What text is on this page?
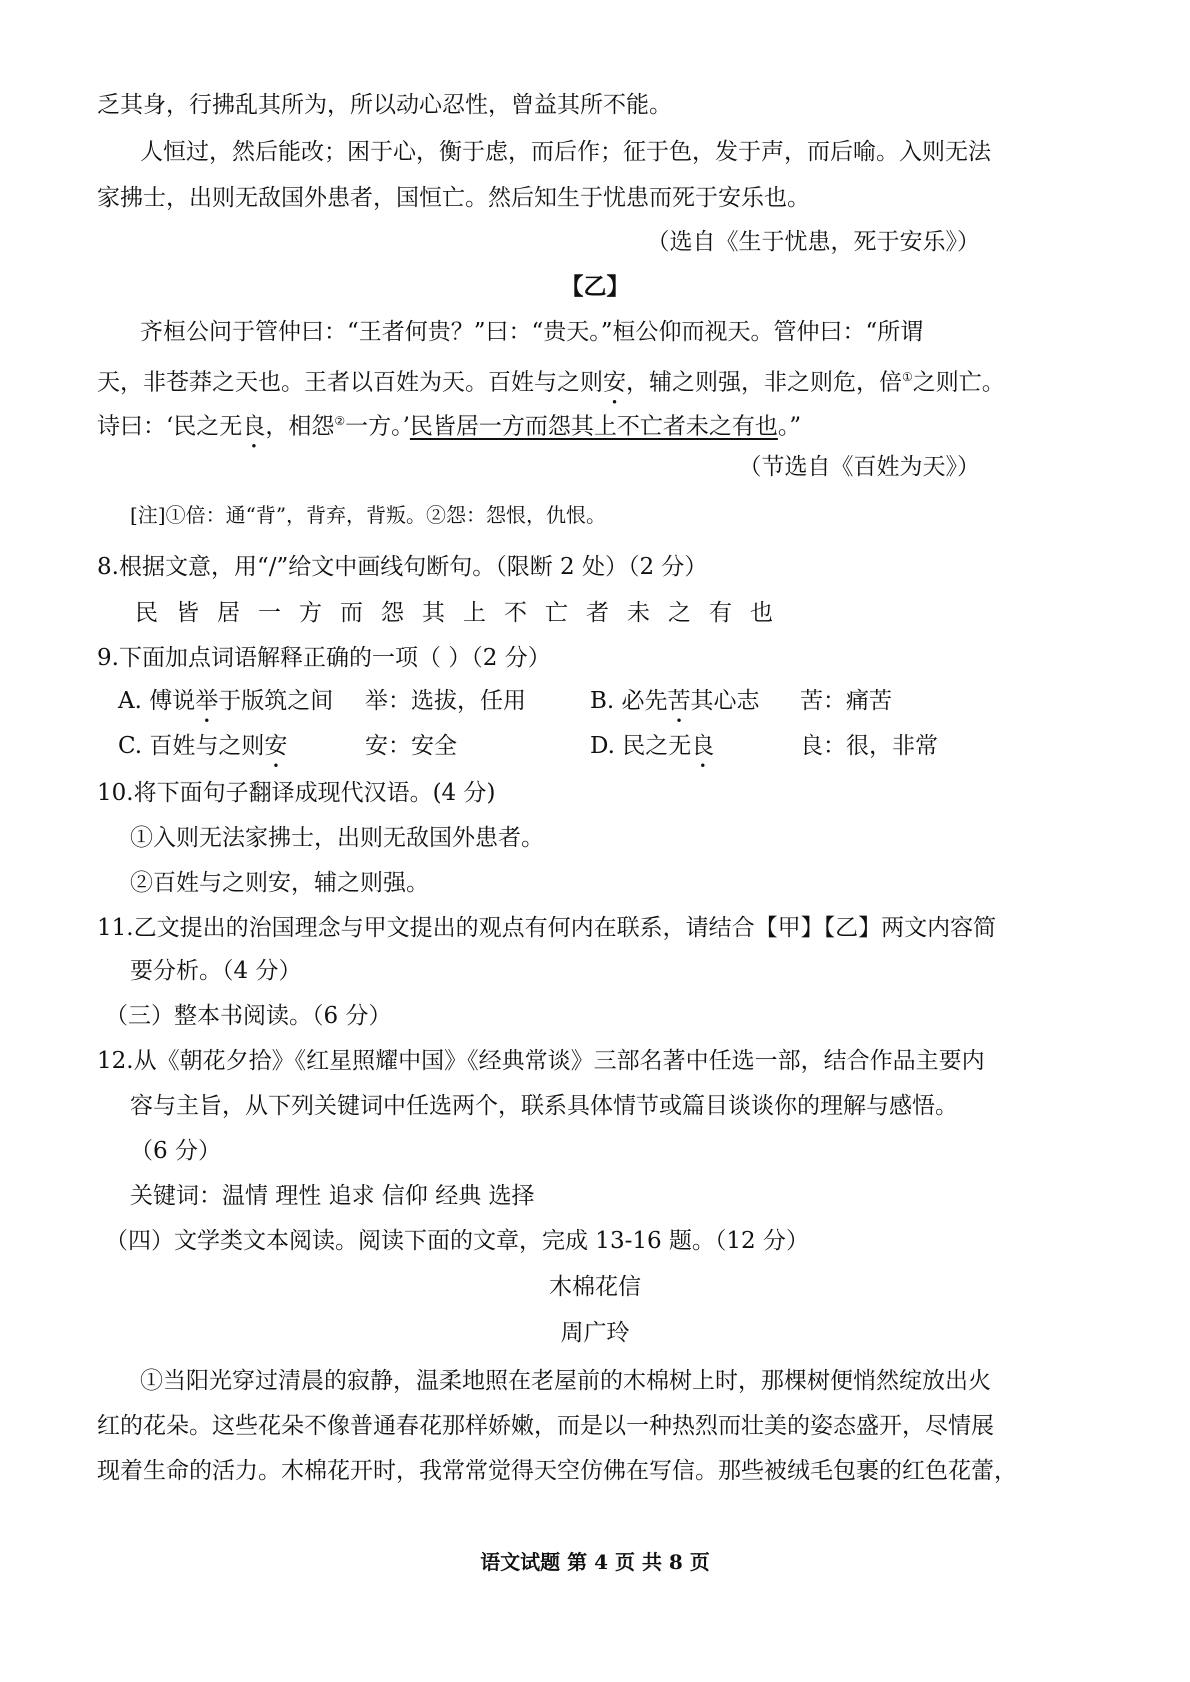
乏其身，行拂乱其所为，所以动心忍性，曾益其所不能。
人恒过，然后能改；困于心，衡于虑，而后作；征于色，发于声，而后喻。入则无法
家拂士，出则无敌国外患者，国恒亡。然后知生于忧患而死于安乐也。
（选自《生于忧患，死于安乐》）
【乙】
齐桓公问于管仲曰：“王者何贵？”曰：“贵天。”桓公仰而视天。管仲曰：“所谓
天，非苍莽之天也。王者以百姓为天。百姓与之则安，辅之则强，非之则危，倍①之则亡。
诗曰：‘民之无良，相怨②一方。’民皆居一方而怨其上不亡者未之有也。”
（节选自《百姓为天》）
[注]①倍：通“背”，背弃，背叛。②怨：怨恨，仇恨。
8.根据文意，用“/”给文中画线句断句。（限断 2 处）（2 分）
民皆居一方而怨其上不亡者未之有也
9.下面加点词语解释正确的一项（ ）（2 分）
A. 傅说举于版筑之间 举：选拔，任用	B. 必先苦其心志 苦：痛苦
C. 百姓与之则安	安：安全	D. 民之无良	良：很，非常
10.将下面句子翻译成现代汉语。(4 分)
①入则无法家拂士，出则无敌国外患者。
②百姓与之则安，辅之则强。
11.乙文提出的治国理念与甲文提出的观点有何内在联系，请结合【甲】【乙】两文内容简
要分析。（4 分）
（三）整本书阅读。（6 分）
12.从《朝花夕拾》《红星照耀中国》《经典常谈》三部名著中任选一部，结合作品主要内
容与主旨，从下列关键词中任选两个，联系具体情节或篇目谈谈你的理解与感悟。
（6 分）
关键词：温情 理性 追求 信仰 经典 选择
（四）文学类文本阅读。阅读下面的文章，完成 13-16 题。（12 分）
木棉花信
周广玲
①当阳光穿过清晨的寂静，温柔地照在老屋前的木棉树上时，那棵树便悄然绽放出火
红的花朵。这些花朵不像普通春花那样娇嫩，而是以一种热烈而壮美的姿态盛开，尽情展
现着生命的活力。木棉花开时，我常常觉得天空仿佛在写信。那些被绒毛包裹的红色花蕾，
语文试题 第 4 页 共 8 页
